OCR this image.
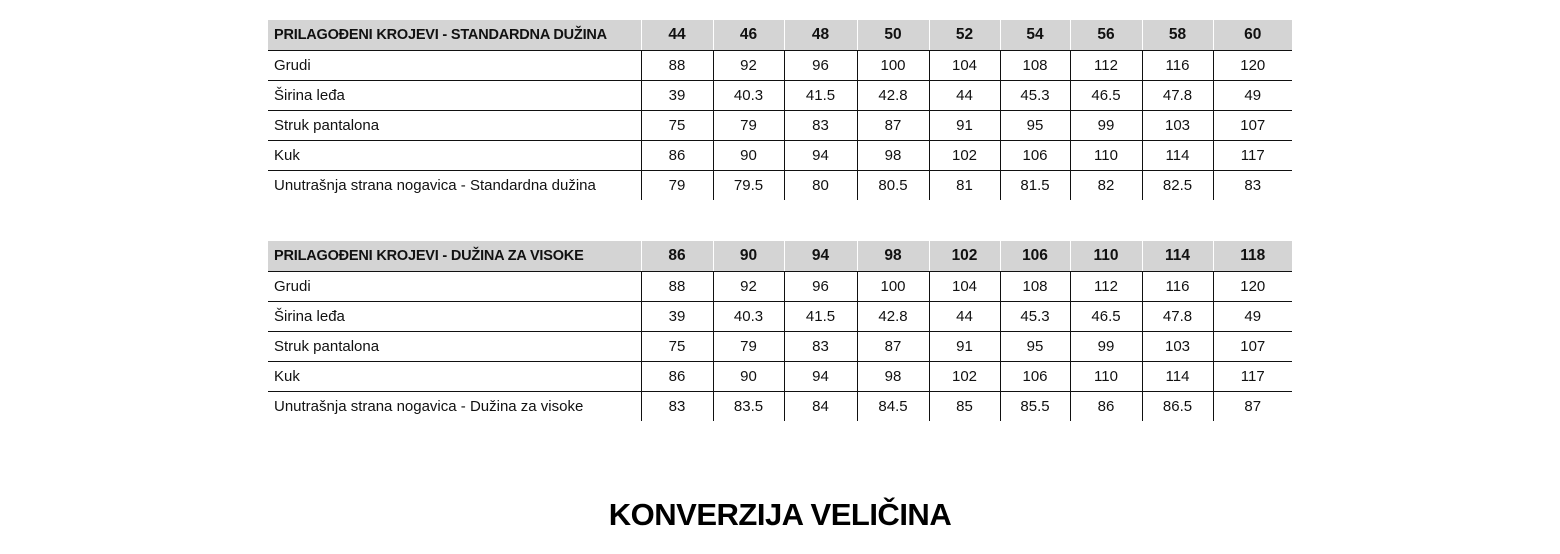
PRILAGOĐENI KROJEVI - STANDARDNA DUŽINA	44	46	48	50	52	54	56	58	60
Grudi	88	92	96	100	104	108	112	116	120
Širina leđa	39	40.3	41.5	42.8	44	45.3	46.5	47.8	49
Struk pantalona	75	79	83	87	91	95	99	103	107
Kuk	86	90	94	98	102	106	110	114	117
Unutrašnja strana nogavica - Standardna dužina	79	79.5	80	80.5	81	81.5	82	82.5	83
PRILAGOĐENI KROJEVI - DUŽINA ZA VISOKE	86	90	94	98	102	106	110	114	118
Grudi	88	92	96	100	104	108	112	116	120
Širina leđa	39	40.3	41.5	42.8	44	45.3	46.5	47.8	49
Struk pantalona	75	79	83	87	91	95	99	103	107
Kuk	86	90	94	98	102	106	110	114	117
Unutrašnja strana nogavica - Dužina za visoke	83	83.5	84	84.5	85	85.5	86	86.5	87
KONVERZIJA VELIČINA
